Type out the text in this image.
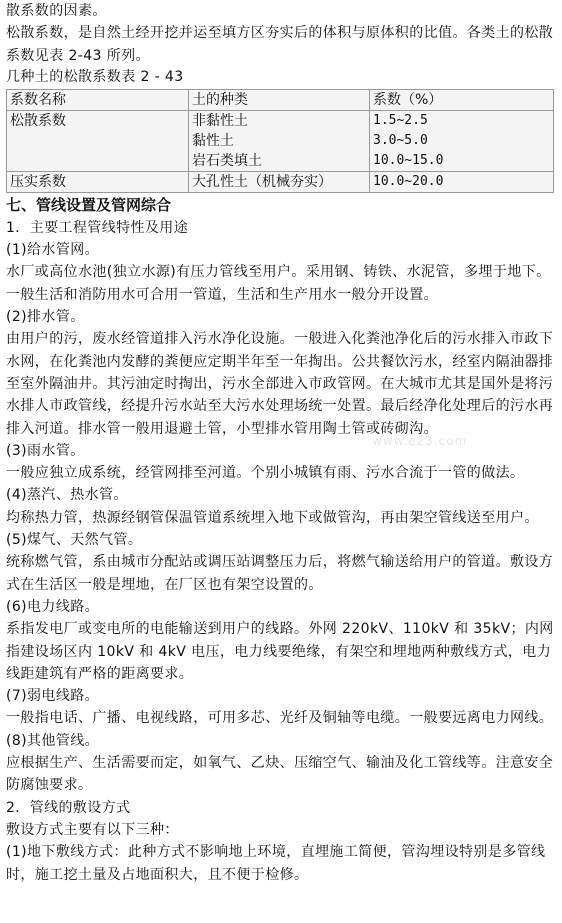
散系数的因素。

松散系数，是自然土经开挖并运至填方区夯实后的体积与原体积的比值。各类土的松散系数见表 2-43 所列。

几种土的松散系数表 2 - 43

系数名称	土的种类	系数（%）
松散系数	非黏性土	1.5~2.5
	黏性土	3.0~5.0
	岩石类填土	10.0~15.0
压实系数	大孔性土（机械夯实）	10.0~20.0
七、管线设置及管网综合

1．主要工程管线特性及用途

(1)给水管网。

水厂或高位水池(独立水源)有压力管线至用户。采用钢、铸铁、水泥管，多埋于地下。一般生活和消防用水可合用一管道，生活和生产用水一般分开设置。

(2)排水管。

由用户的污，废水经管道排入污水净化设施。一般进入化粪池净化后的污水排入市政下水网，在化粪池内发酵的粪便应定期半年至一年掏出。公共餐饮污水，经室内隔油器排至室外隔油井。其污油定时掏出，污水全部进入市政管网。在大城市尤其是国外是将污水排人市政管线，经提升污水站至大污水处理场统一处置。最后经净化处理后的污水再排入河道。排水管一般用退避土管，小型排水管用陶土管或砖砌沟。

(3)雨水管。

一般应独立成系统，经管网排至河道。个别小城镇有雨、污水合流于一管的做法。

(4)蒸汽、热水管。

均称热力管，热源经钢管保温管道系统埋入地下或做管沟，再由架空管线送至用户。

(5)煤气、天然气管。

统称燃气管，系由城市分配站或调压站调整压力后，将燃气输送给用户的管道。敷设方式在生活区一般是埋地，在厂区也有架空设置的。

(6)电力线路。

系指发电厂或变电所的电能输送到用户的线路。外网 220kV、110kV 和 35kV；内网指建设场区内 10kV 和 4kV 电压，电力线要绝缘，有架空和埋地两种敷线方式，电力线距建筑有严格的距离要求。

(7)弱电线路。

一般指电话、广播、电视线路，可用多芯、光纤及铜轴等电缆。一般要远离电力网线。

(8)其他管线。

应根据生产、生活需要而定，如氧气、乙炔、压缩空气、输油及化工管线等。注意安全防腐蚀要求。

2．管线的敷设方式

敷设方式主要有以下三种：

(1)地下敷线方式：此种方式不影响地上环境，直埋施工简便，管沟埋设特别是多管线时，施工挖土量及占地面积大，且不便于检修。

www.e23.com
